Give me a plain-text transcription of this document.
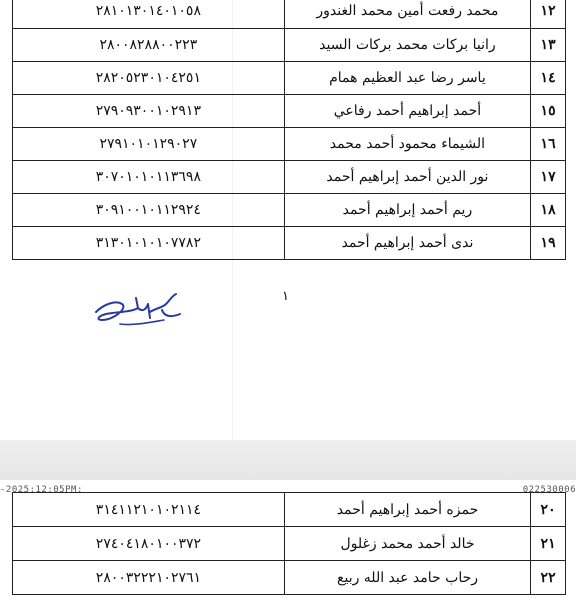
١٢	محمد رفعت أمين محمد الغندور	٢٨١٠١٣٠١٤٠١٠٥٨
١٣	رانيا بركات محمد بركات السيد	٢٨٠٠٨٢٨٨٠٠٢٢٣
١٤	ياسر رضا عبد العظيم همام	٢٨٢٠٥٢٣٠١٠٤٢٥١
١٥	أحمد إبراهيم أحمد رفاعي	٢٧٩٠٩٣٠٠١٠٢٩١٣
١٦	الشيماء محمود أحمد محمد	٢٧٩١٠١٠١٢٩٠٢٧
١٧	نور الدين أحمد إبراهيم أحمد	٣٠٧٠١٠١٠١١٣٦٩٨
١٨	ريم أحمد إبراهيم أحمد	٣٠٩١٠٠١٠١١٢٩٢٤
١٩	ندى أحمد إبراهيم أحمد	٣١٣٠١٠١٠١٠٧٧٨٢
١
-2025:12:05PM:	022530006
٢٠	حمزه أحمد إبراهيم أحمد	٣١٤١١٢١٠١٠٢١١٤
٢١	خالد أحمد محمد زغلول	٢٧٤٠٤١٨٠١٠٠٣٧٢
٢٢	رحاب حامد عبد الله ربيع	٢٨٠٠٣٢٢٢١٠٢٧٦١
